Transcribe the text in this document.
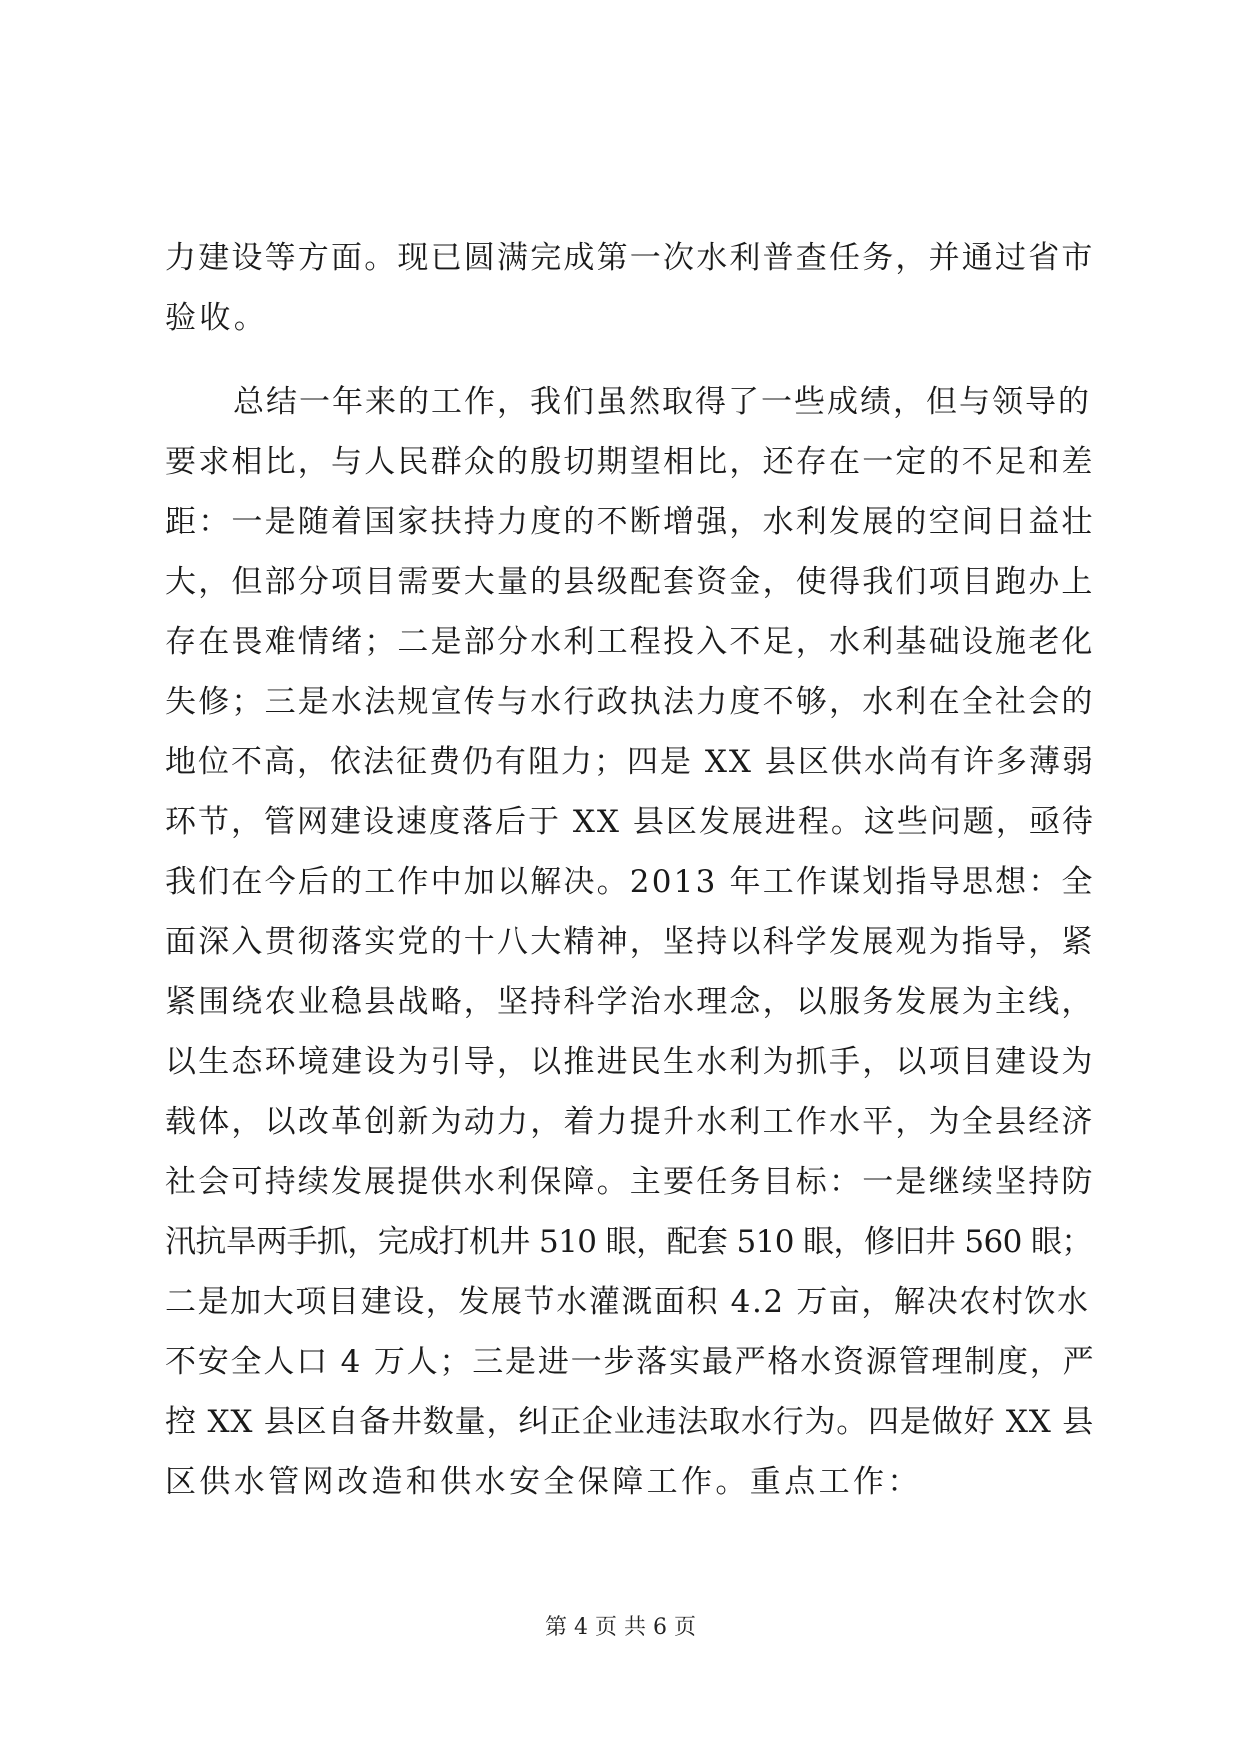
力建设等方面。现已圆满完成第一次水利普查任务，并通过省市
验收。
总结一年来的工作，我们虽然取得了一些成绩，但与领导的
要求相比，与人民群众的殷切期望相比，还存在一定的不足和差
距：一是随着国家扶持力度的不断增强，水利发展的空间日益壮
大，但部分项目需要大量的县级配套资金，使得我们项目跑办上
存在畏难情绪；二是部分水利工程投入不足，水利基础设施老化
失修；三是水法规宣传与水行政执法力度不够，水利在全社会的
地位不高，依法征费仍有阻力；四是 XX 县区供水尚有许多薄弱
环节，管网建设速度落后于 XX 县区发展进程。这些问题，亟待
我们在今后的工作中加以解决。2013 年工作谋划指导思想：全
面深入贯彻落实党的十八大精神，坚持以科学发展观为指导，紧
紧围绕农业稳县战略，坚持科学治水理念，以服务发展为主线，
以生态环境建设为引导，以推进民生水利为抓手，以项目建设为
载体，以改革创新为动力，着力提升水利工作水平，为全县经济
社会可持续发展提供水利保障。主要任务目标：一是继续坚持防
汛抗旱两手抓，完成打机井 510 眼，配套 510 眼，修旧井 560 眼；
二是加大项目建设，发展节水灌溉面积 4.2 万亩，解决农村饮水
不安全人口 4 万人；三是进一步落实最严格水资源管理制度，严
控 XX 县区自备井数量，纠正企业违法取水行为。四是做好 XX 县
区供水管网改造和供水安全保障工作。重点工作：
第 4 页 共 6 页
